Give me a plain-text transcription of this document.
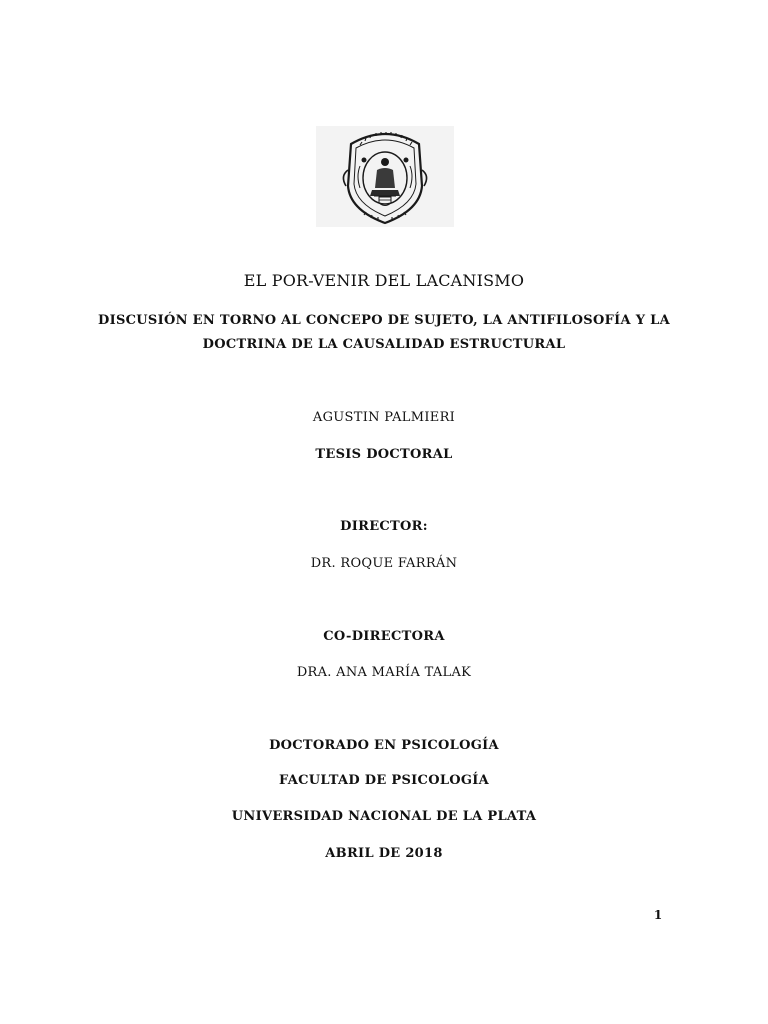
EL POR-VENIR DEL LACANISMO
DISCUSIÓN EN TORNO AL CONCEPO DE SUJETO, LA ANTIFILOSOFÍA Y LA
DOCTRINA DE LA CAUSALIDAD ESTRUCTURAL
AGUSTIN PALMIERI
TESIS DOCTORAL
DIRECTOR:
DR. ROQUE FARRÁN
CO-DIRECTORA
DRA. ANA MARÍA TALAK
DOCTORADO EN PSICOLOGÍA
FACULTAD DE PSICOLOGÍA
UNIVERSIDAD NACIONAL DE LA PLATA
ABRIL DE 2018
1
